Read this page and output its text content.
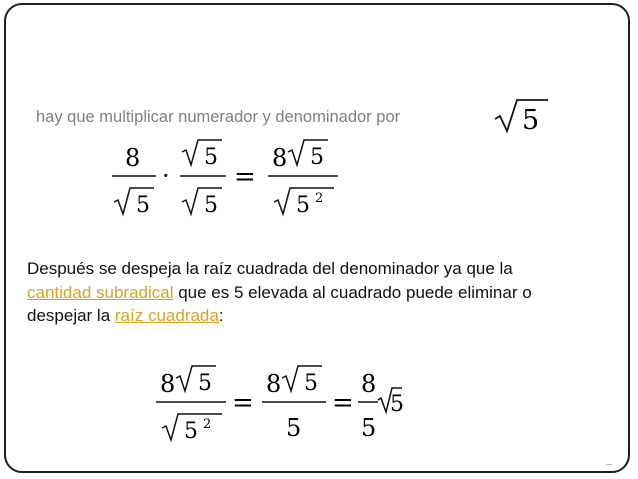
hay que multiplicar numerador y denominador por	5
8
5
·
5
5
=
8 5
5 2
Después se despeja la raíz cuadrada del denominador ya que la cantidad subradical que es 5 elevada al cuadrado puede eliminar o despejar la raíz cuadrada:
8 5
5 2
=
8 5
5
=
8
5
5
